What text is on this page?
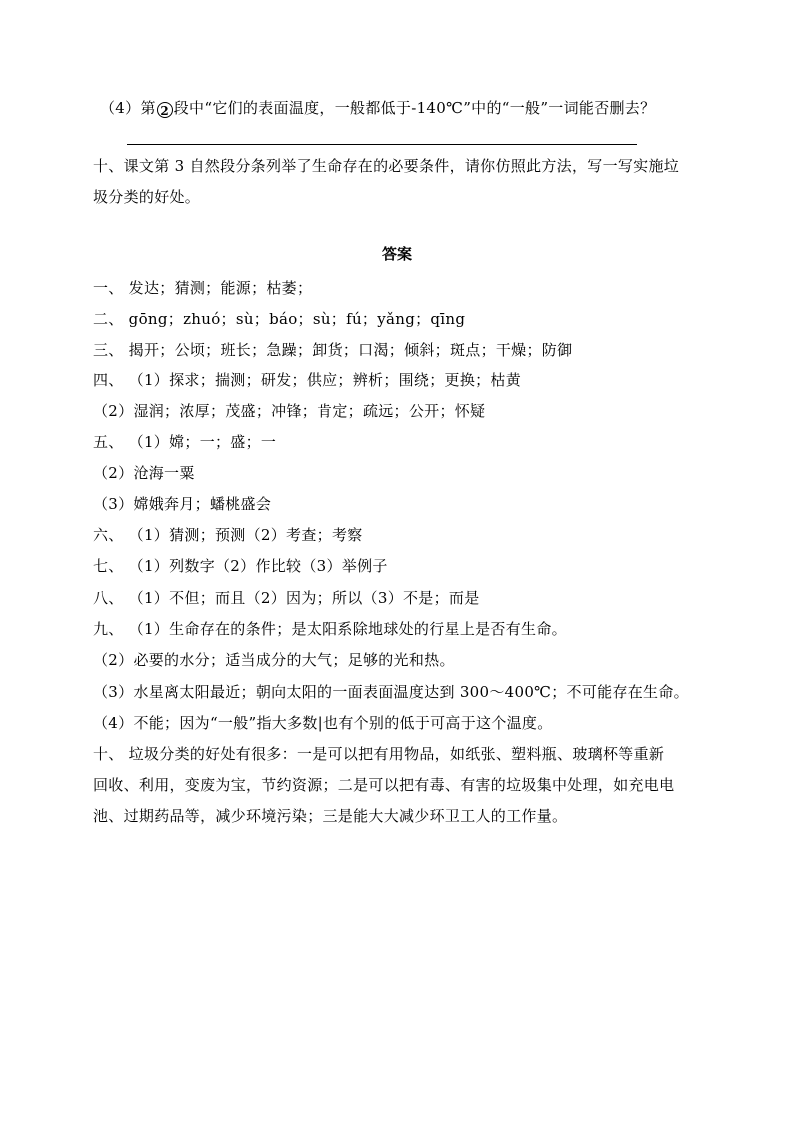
（4）第 2 段中“它们的表面温度，一般都低于-140℃”中的“一般”一词能否删去？
十、课文第 3 自然段分条列举了生命存在的必要条件，请你仿照此方法，写一写实施垃
圾分类的好处。
答案
一、 发达；猜测；能源；枯萎；
二、 gōng；zhuó；sù；báo；sù；fú；yǎng；qīng
三、 揭开；公顷；班长；急躁；卸货；口渴；倾斜；斑点；干燥；防御
四、 （1）探求；揣测；研发；供应；辨析；围绕；更换；枯黄
（2）湿润；浓厚；茂盛；冲锋；肯定；疏远；公开；怀疑
五、 （1）嫦；一；盛；一
（2）沧海一粟
（3）嫦娥奔月；蟠桃盛会
六、 （1）猜测；预测（2）考查；考察
七、 （1）列数字（2）作比较（3）举例子
八、 （1）不但；而且（2）因为；所以（3）不是；而是
九、 （1）生命存在的条件；是太阳系除地球处的行星上是否有生命。
（2）必要的水分；适当成分的大气；足够的光和热。
（3）水星离太阳最近；朝向太阳的一面表面温度达到 300～400℃；不可能存在生命。
（4）不能；因为“一般”指大多数|也有个别的低于可高于这个温度。
十、 垃圾分类的好处有很多：一是可以把有用物品，如纸张、塑料瓶、玻璃杯等重新
回收、利用，变废为宝，节约资源；二是可以把有毒、有害的垃圾集中处理，如充电电
池、过期药品等，减少环境污染；三是能大大减少环卫工人的工作量。
